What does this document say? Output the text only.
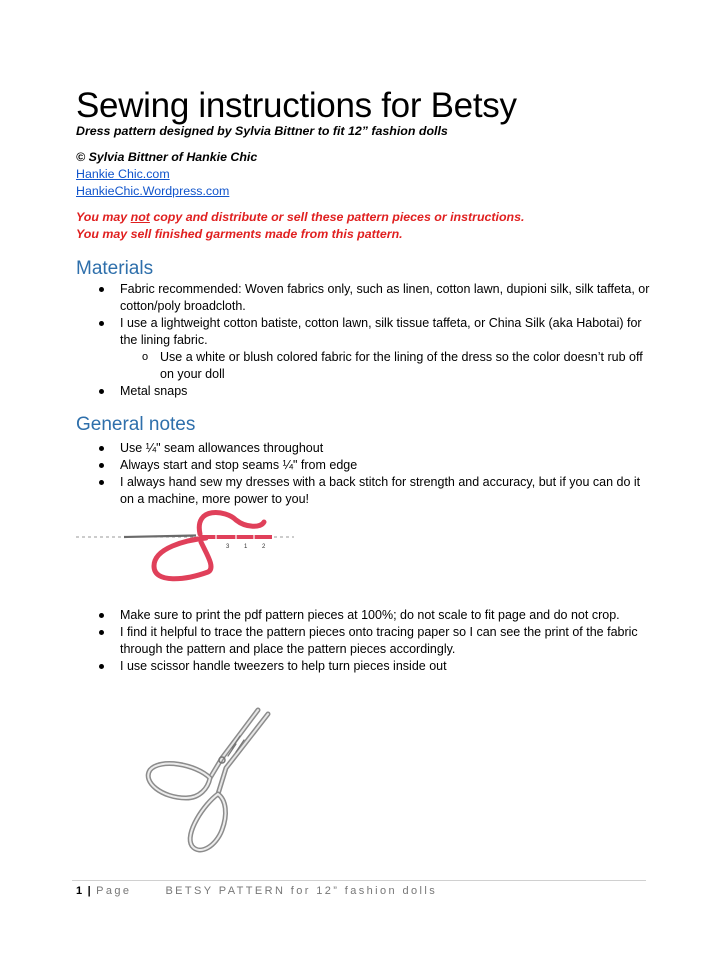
Sewing instructions for Betsy
Dress pattern designed by Sylvia Bittner to fit 12” fashion dolls
© Sylvia Bittner of Hankie Chic
Hankie Chic.com
HankieChic.Wordpress.com
You may not copy and distribute or sell these pattern pieces or instructions.
You may sell finished garments made from this pattern.
Materials
Fabric recommended: Woven fabrics only, such as linen, cotton lawn, dupioni silk, silk taffeta, or cotton/poly broadcloth.
I use a lightweight cotton batiste, cotton lawn, silk tissue taffeta, or China Silk (aka Habotai) for the lining fabric.
o Use a white or blush colored fabric for the lining of the dress so the color doesn’t rub off on your doll
Metal snaps
General notes
Use ¼" seam allowances throughout
Always start and stop seams ¼" from edge
I always hand sew my dresses with a back stitch for strength and accuracy, but if you can do it on a machine, more power to you!
3 1 2
Make sure to print the pdf pattern pieces at 100%; do not scale to fit page and do not crop.
I find it helpful to trace the pattern pieces onto tracing paper so I can see the print of the fabric through the pattern and place the pattern pieces accordingly.
I use scissor handle tweezers to help turn pieces inside out
1 | Page	BETSY PATTERN for 12” fashion dolls
